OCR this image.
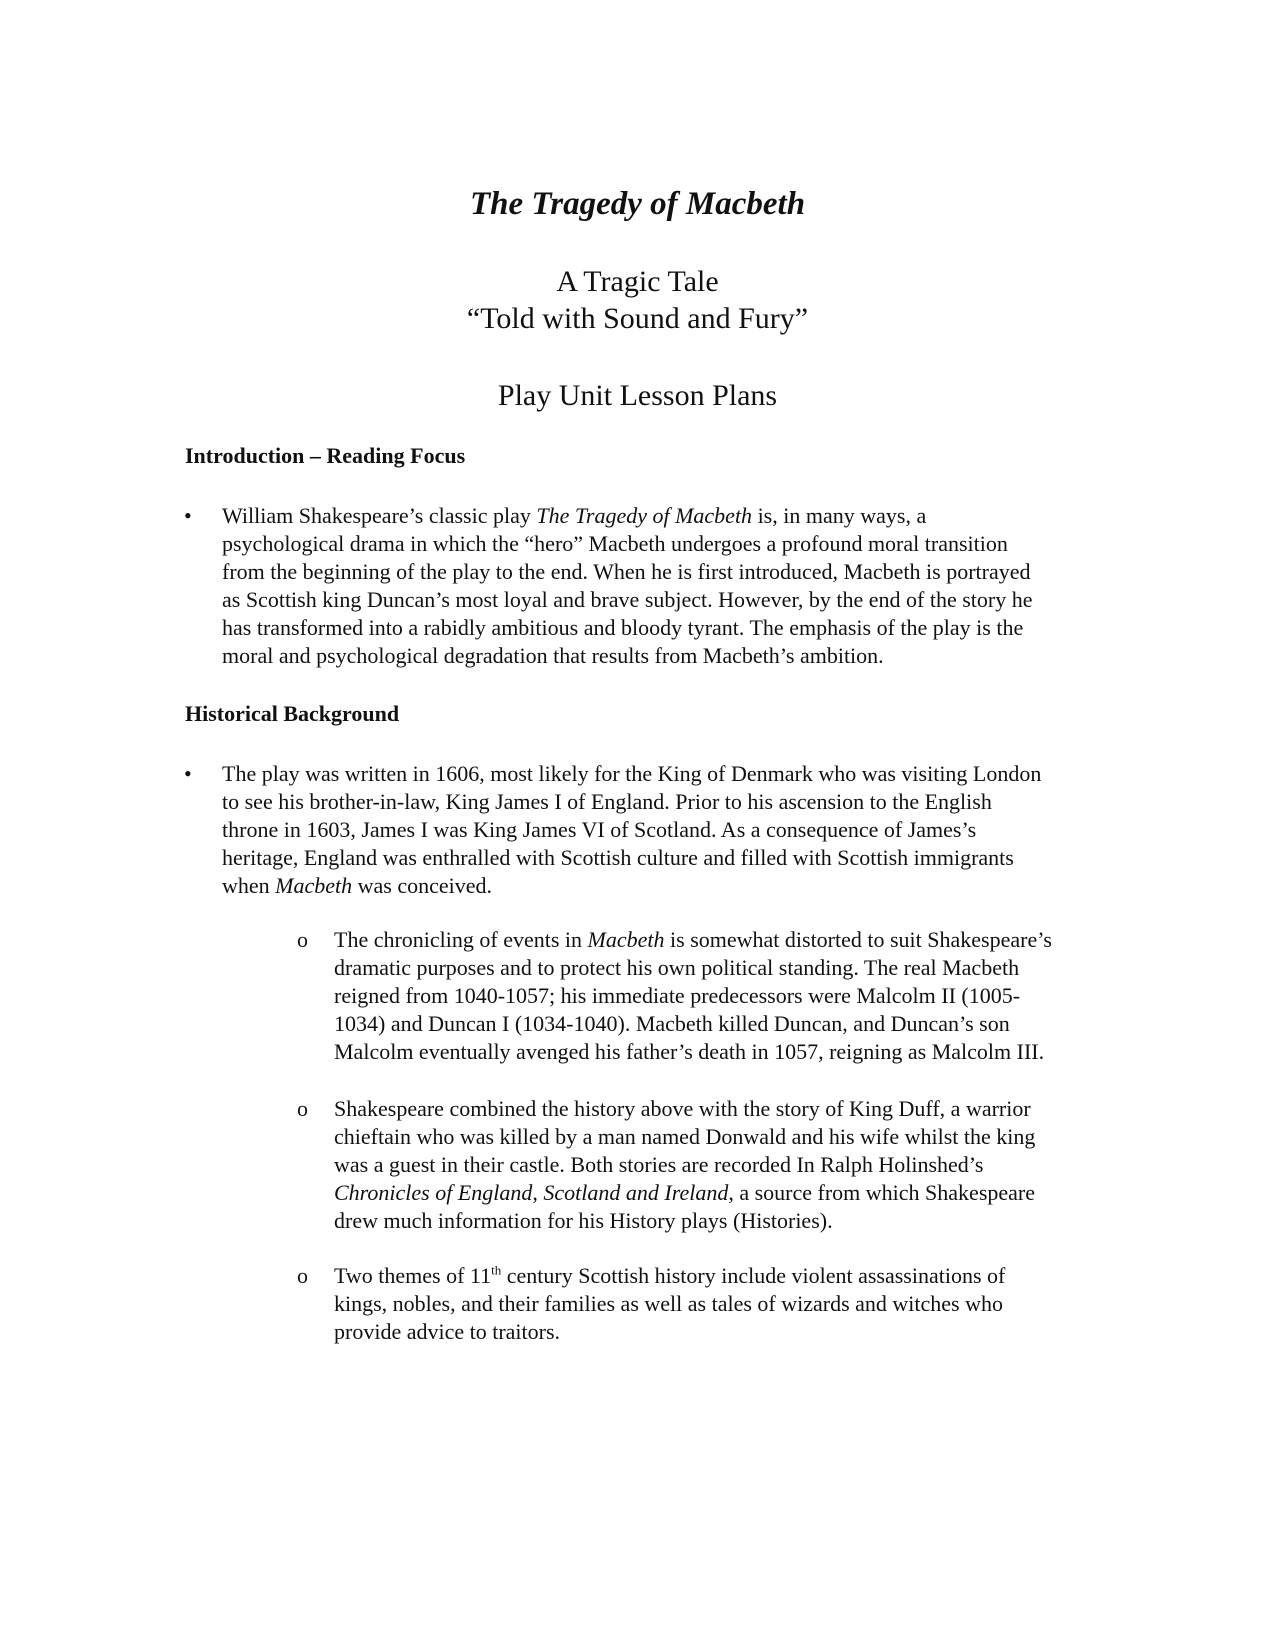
The Tragedy of Macbeth
A Tragic Tale
“Told with Sound and Fury”
Play Unit Lesson Plans
Introduction – Reading Focus
• William Shakespeare’s classic play The Tragedy of Macbeth is, in many ways, a
psychological drama in which the “hero” Macbeth undergoes a profound moral transition
from the beginning of the play to the end. When he is first introduced, Macbeth is portrayed
as Scottish king Duncan’s most loyal and brave subject. However, by the end of the story he
has transformed into a rabidly ambitious and bloody tyrant. The emphasis of the play is the
moral and psychological degradation that results from Macbeth’s ambition.
Historical Background
• The play was written in 1606, most likely for the King of Denmark who was visiting London
to see his brother-in-law, King James I of England. Prior to his ascension to the English
throne in 1603, James I was King James VI of Scotland. As a consequence of James’s
heritage, England was enthralled with Scottish culture and filled with Scottish immigrants
when Macbeth was conceived.
o The chronicling of events in Macbeth is somewhat distorted to suit Shakespeare’s
dramatic purposes and to protect his own political standing. The real Macbeth
reigned from 1040-1057; his immediate predecessors were Malcolm II (1005-
1034) and Duncan I (1034-1040). Macbeth killed Duncan, and Duncan’s son
Malcolm eventually avenged his father’s death in 1057, reigning as Malcolm III.
o Shakespeare combined the history above with the story of King Duff, a warrior
chieftain who was killed by a man named Donwald and his wife whilst the king
was a guest in their castle. Both stories are recorded In Ralph Holinshed’s
Chronicles of England, Scotland and Ireland, a source from which Shakespeare
drew much information for his History plays (Histories).
o Two themes of 11th century Scottish history include violent assassinations of
kings, nobles, and their families as well as tales of wizards and witches who
provide advice to traitors.
